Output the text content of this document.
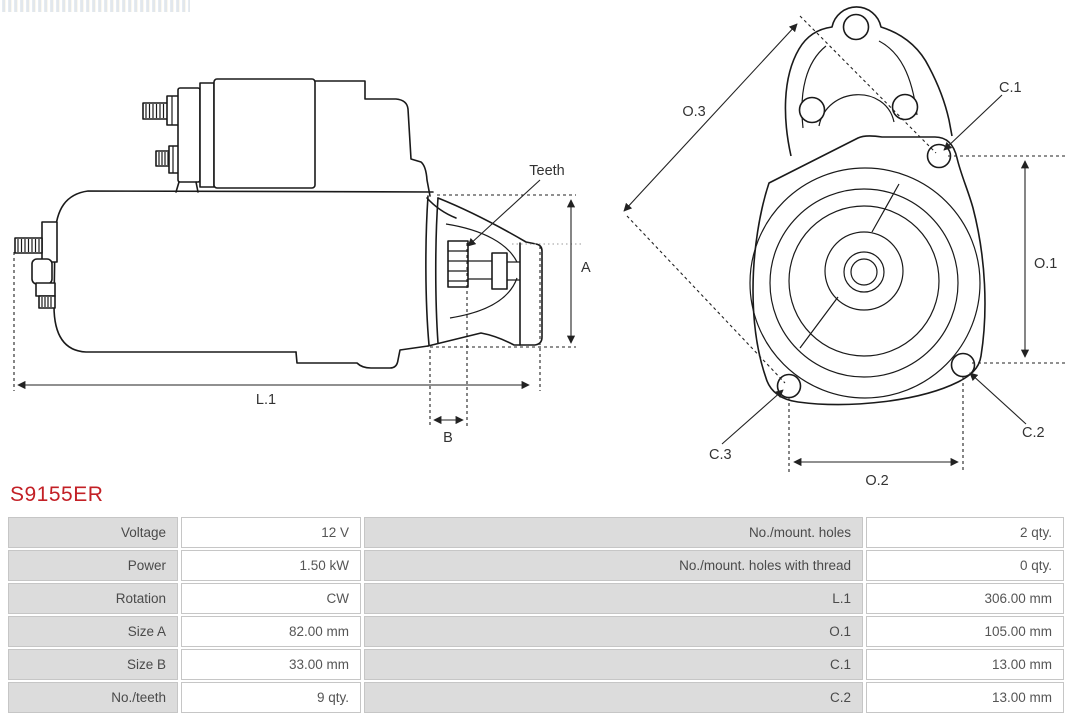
A
Teeth
L.1
B
O.3
C.1
O.1
C.2
C.3
O.2
S9155ER
Voltage	12 V	No./mount. holes	2 qty.
Power	1.50 kW	No./mount. holes with thread	0 qty.
Rotation	CW	L.1	306.00 mm
Size A	82.00 mm	O.1	105.00 mm
Size B	33.00 mm	C.1	13.00 mm
No./teeth	9 qty.	C.2	13.00 mm
